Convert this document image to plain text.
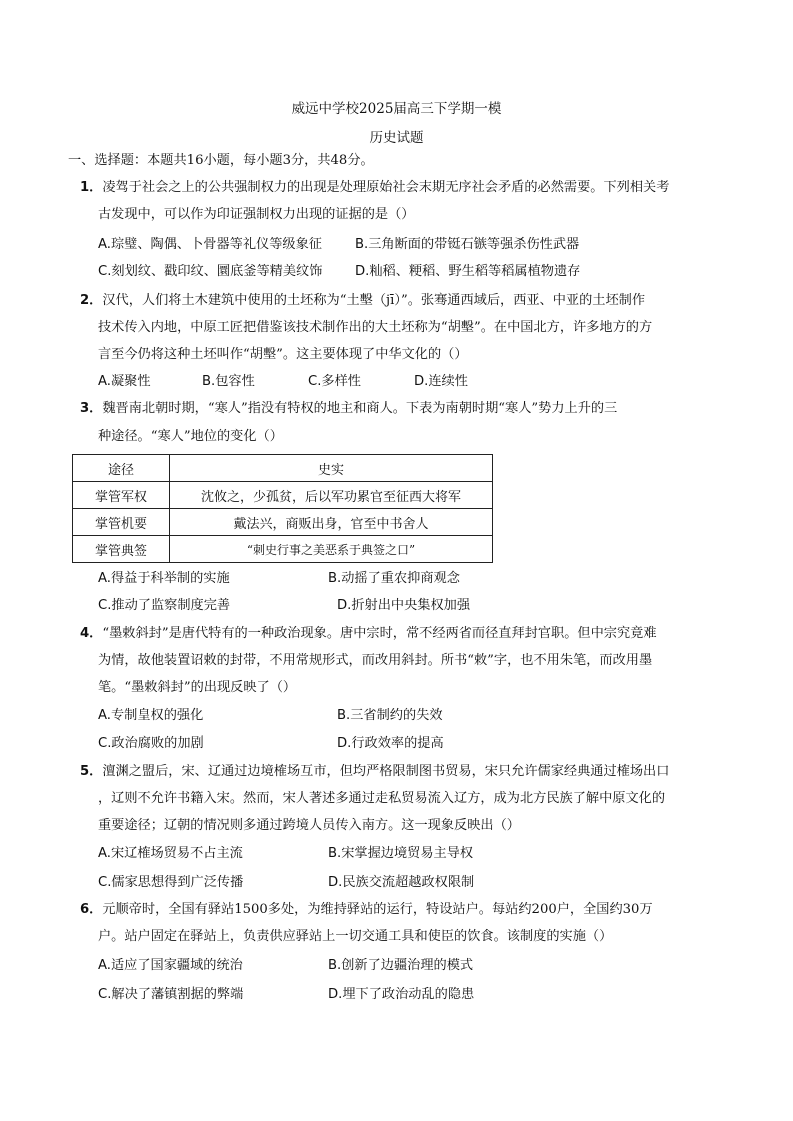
威远中学校2025届高三下学期一模
历史试题
一、选择题：本题共16小题，每小题3分，共48分。
1．凌驾于社会之上的公共强制权力的出现是处理原始社会末期无序社会矛盾的必然需要。下列相关考
古发现中，可以作为印证强制权力出现的证据的是（）
A.琮璧、陶偶、卜骨器等礼仪等级象征	B.三角断面的带铤石镞等强杀伤性武器
C.刻划纹、戳印纹、圜底釜等精美纹饰 D.籼稻、粳稻、野生稻等稻属植物遗存
2．汉代，人们将土木建筑中使用的土坯称为“土墼（jī）”。张骞通西域后，西亚、中亚的土坯制作
技术传入内地，中原工匠把借鉴该技术制作出的大土坯称为“胡墼”。在中国北方，许多地方的方
言至今仍将这种土坯叫作“胡墼”。这主要体现了中华文化的（）
A.凝聚性	B.包容性	C.多样性	D.连续性
3．魏晋南北朝时期，“寒人”指没有特权的地主和商人。下表为南朝时期“寒人”势力上升的三
种途径。“寒人”地位的变化（）
途径	史实
掌管军权	沈攸之，少孤贫，后以军功累官至征西大将军
掌管机要	戴法兴，商贩出身，官至中书舍人
掌管典签	“刺史行事之美恶系于典签之口”
A.得益于科举制的实施	B.动摇了重农抑商观念
C.推动了监察制度完善	D.折射出中央集权加强
4．“墨敕斜封”是唐代特有的一种政治现象。唐中宗时，常不经两省而径直拜封官职。但中宗究竟难
为情，故他装置诏敕的封带，不用常规形式，而改用斜封。所书“敕”字，也不用朱笔，而改用墨
笔。“墨敕斜封”的出现反映了（）
A.专制皇权的强化	B.三省制约的失效
C.政治腐败的加剧	D.行政效率的提高
5．澶渊之盟后，宋、辽通过边境榷场互市，但均严格限制图书贸易，宋只允许儒家经典通过榷场出口
，辽则不允许书籍入宋。然而，宋人著述多通过走私贸易流入辽方，成为北方民族了解中原文化的
重要途径；辽朝的情况则多通过跨境人员传入南方。这一现象反映出（）
A.宋辽榷场贸易不占主流	B.宋掌握边境贸易主导权
C.儒家思想得到广泛传播	D.民族交流超越政权限制
6．元顺帝时，全国有驿站1500多处，为维持驿站的运行，特设站户。每站约200户，全国约30万
户。站户固定在驿站上，负责供应驿站上一切交通工具和使臣的饮食。该制度的实施（）
A.适应了国家疆域的统治	B.创新了边疆治理的模式
C.解决了藩镇割据的弊端	D.埋下了政治动乱的隐患
